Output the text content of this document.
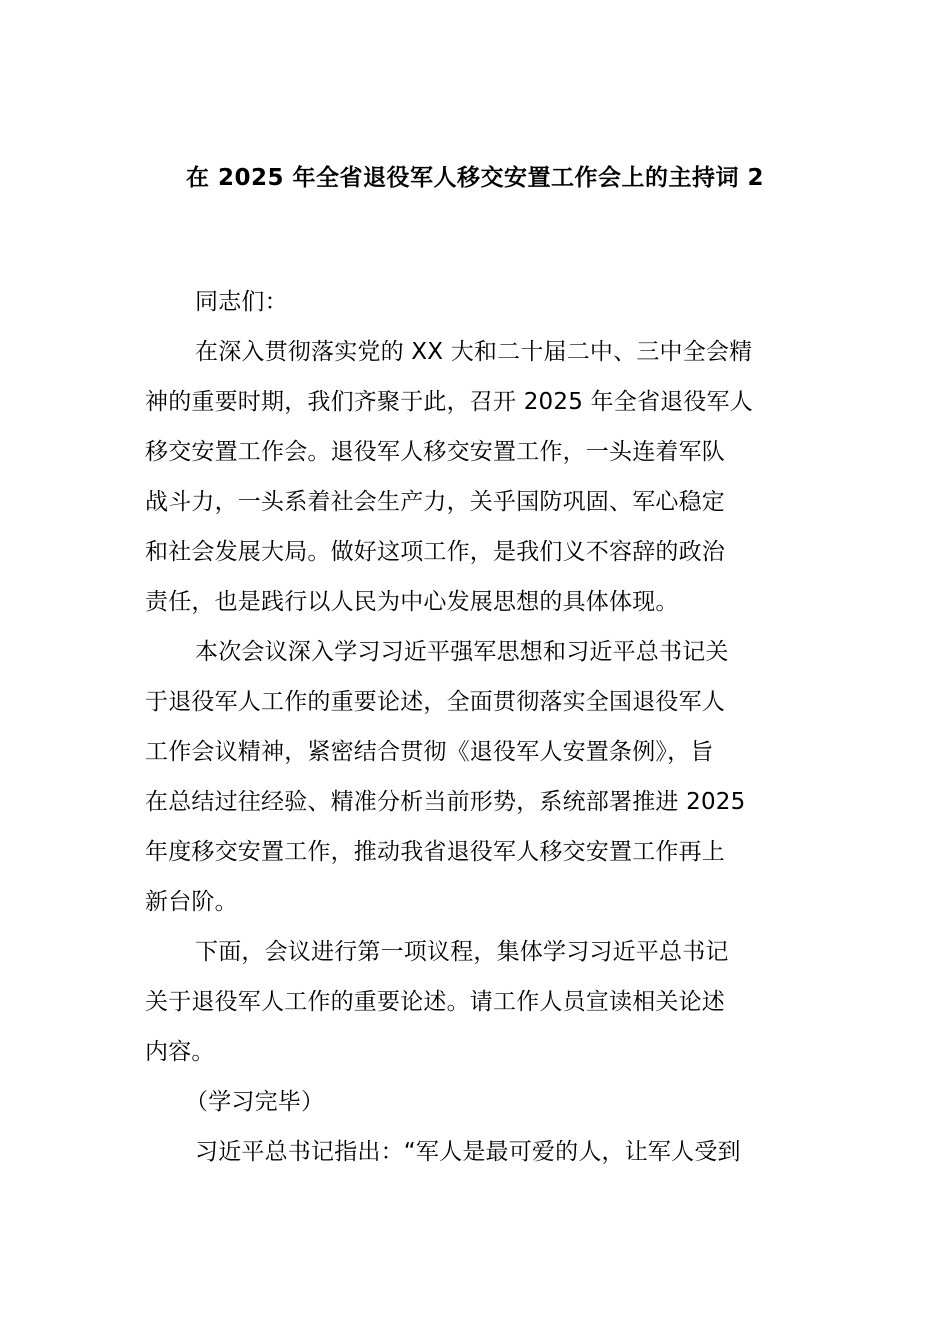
在 2025 年全省退役军人移交安置工作会上的主持词 2
同志们：
在深入贯彻落实党的 XX 大和二十届二中、三中全会精
神的重要时期，我们齐聚于此，召开 2025 年全省退役军人
移交安置工作会。退役军人移交安置工作，一头连着军队
战斗力，一头系着社会生产力，关乎国防巩固、军心稳定
和社会发展大局。做好这项工作，是我们义不容辞的政治
责任，也是践行以人民为中心发展思想的具体体现。
本次会议深入学习习近平强军思想和习近平总书记关
于退役军人工作的重要论述，全面贯彻落实全国退役军人
工作会议精神，紧密结合贯彻《退役军人安置条例》，旨
在总结过往经验、精准分析当前形势，系统部署推进 2025
年度移交安置工作，推动我省退役军人移交安置工作再上
新台阶。
下面，会议进行第一项议程，集体学习习近平总书记
关于退役军人工作的重要论述。请工作人员宣读相关论述
内容。
（学习完毕）
习近平总书记指出：“军人是最可爱的人，让军人受到
